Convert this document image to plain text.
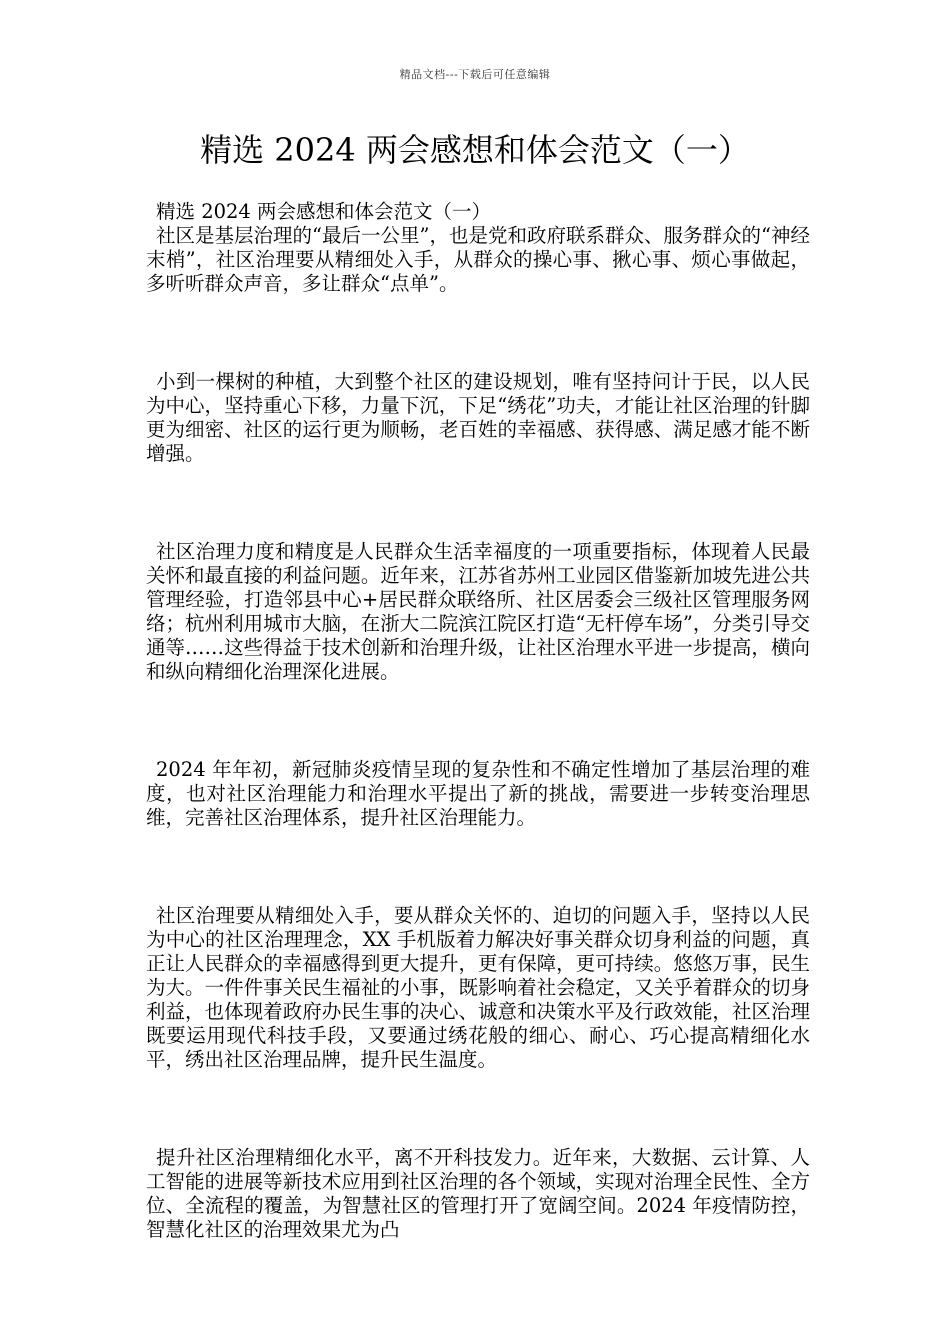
精品文档---下载后可任意编辑
精选 2024 两会感想和体会范文（一）

精选 2024 两会感想和体会范文（一）

社区是基层治理的“最后一公里”，也是党和政府联系群众、服务群众的“神经末梢”，社区治理要从精细处入手，从群众的操心事、揪心事、烦心事做起，多听听群众声音，多让群众“点单”。

小到一棵树的种植，大到整个社区的建设规划，唯有坚持问计于民，以人民为中心，坚持重心下移，力量下沉，下足“绣花”功夫，才能让社区治理的针脚更为细密、社区的运行更为顺畅，老百姓的幸福感、获得感、满足感才能不断增强。

社区治理力度和精度是人民群众生活幸福度的一项重要指标，体现着人民最关怀和最直接的利益问题。近年来，江苏省苏州工业园区借鉴新加坡先进公共管理经验，打造邻县中心+居民群众联络所、社区居委会三级社区管理服务网络；杭州利用城市大脑，在浙大二院滨江院区打造“无杆停车场”，分类引导交通等……这些得益于技术创新和治理升级，让社区治理水平进一步提高，横向和纵向精细化治理深化进展。

2024 年年初，新冠肺炎疫情呈现的复杂性和不确定性增加了基层治理的难度，也对社区治理能力和治理水平提出了新的挑战，需要进一步转变治理思维，完善社区治理体系，提升社区治理能力。

社区治理要从精细处入手，要从群众关怀的、迫切的问题入手，坚持以人民为中心的社区治理理念，XX 手机版着力解决好事关群众切身利益的问题，真正让人民群众的幸福感得到更大提升，更有保障，更可持续。悠悠万事，民生为大。一件件事关民生福祉的小事，既影响着社会稳定，又关乎着群众的切身利益，也体现着政府办民生事的决心、诚意和决策水平及行政效能，社区治理既要运用现代科技手段，又要通过绣花般的细心、耐心、巧心提高精细化水平，绣出社区治理品牌，提升民生温度。

提升社区治理精细化水平，离不开科技发力。近年来，大数据、云计算、人工智能的进展等新技术应用到社区治理的各个领域，实现对治理全民性、全方位、全流程的覆盖，为智慧社区的管理打开了宽阔空间。2024 年疫情防控，智慧化社区的治理效果尤为凸
